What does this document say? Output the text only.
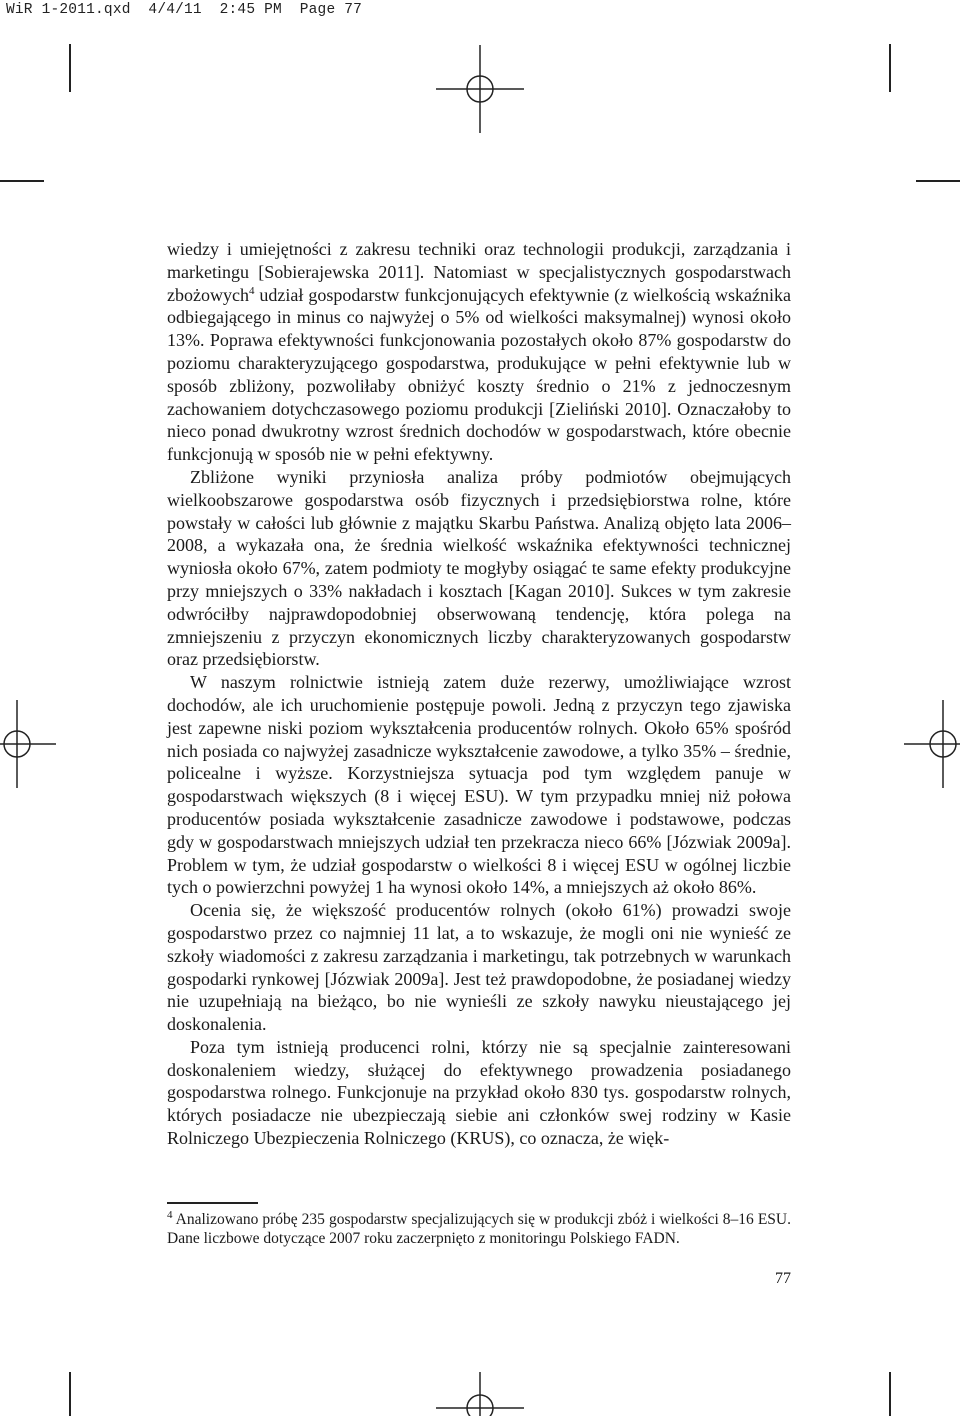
WiR 1-2011.qxd  4/4/11  2:45 PM  Page 77

wiedzy i umiejętności z zakresu techniki oraz technologii produkcji, zarządzania i marketingu [Sobierajewska 2011]. Natomiast w specjalistycznych gospodarstwach zbożowych$^4$ udział gospodarstw funkcjonujących efektywnie (z wielkością wskaźnika odbiegającego in minus co najwyżej o 5% od wielkości maksymalnej) wynosi około 13%. Poprawa efektywności funkcjonowania pozostałych około 87% gospodarstw do poziomu charakteryzującego gospodarstwa, produkujące w pełni efektywnie lub w sposób zbliżony, pozwoliłaby obniżyć koszty średnio o 21% z jednoczesnym zachowaniem dotychczasowego poziomu produkcji [Zieliński 2010]. Oznaczałoby to nieco ponad dwukrotny wzrost średnich dochodów w gospodarstwach, które obecnie funkcjonują w sposób nie w pełni efektywny.

Zbliżone wyniki przyniosła analiza próby podmiotów obejmujących wielkoobszarowe gospodarstwa osób fizycznych i przedsiębiorstwa rolne, które powstały w całości lub głównie z majątku Skarbu Państwa. Analizą objęto lata 2006–2008, a wykazała ona, że średnia wielkość wskaźnika efektywności technicznej wyniosła około 67%, zatem podmioty te mogłyby osiągać te same efekty produkcyjne przy mniejszych o 33% nakładach i kosztach [Kagan 2010]. Sukces w tym zakresie odwróciłby najprawdopodobniej obserwowaną tendencję, która polega na zmniejszeniu z przyczyn ekonomicznych liczby charakteryzowanych gospodarstw oraz przedsiębiorstw.

W naszym rolnictwie istnieją zatem duże rezerwy, umożliwiające wzrost dochodów, ale ich uruchomienie postępuje powoli. Jedną z przyczyn tego zjawiska jest zapewne niski poziom wykształcenia producentów rolnych. Około 65% spośród nich posiada co najwyżej zasadnicze wykształcenie zawodowe, a tylko 35% – średnie, policealne i wyższe. Korzystniejsza sytuacja pod tym względem panuje w gospodarstwach większych (8 i więcej ESU). W tym przypadku mniej niż połowa producentów posiada wykształcenie zasadnicze zawodowe i podstawowe, podczas gdy w gospodarstwach mniejszych udział ten przekracza nieco 66% [Józwiak 2009a]. Problem w tym, że udział gospodarstw o wielkości 8 i więcej ESU w ogólnej liczbie tych o powierzchni powyżej 1 ha wynosi około 14%, a mniejszych aż około 86%.

Ocenia się, że większość producentów rolnych (około 61%) prowadzi swoje gospodarstwo przez co najmniej 11 lat, a to wskazuje, że mogli oni nie wynieść ze szkoły wiadomości z zakresu zarządzania i marketingu, tak potrzebnych w warunkach gospodarki rynkowej [Józwiak 2009a]. Jest też prawdopodobne, że posiadanej wiedzy nie uzupełniają na bieżąco, bo nie wynieśli ze szkoły nawyku nieustającego jej doskonalenia.

Poza tym istnieją producenci rolni, którzy nie są specjalnie zainteresowani doskonaleniem wiedzy, służącej do efektywnego prowadzenia posiadanego gospodarstwa rolnego. Funkcjonuje na przykład około 830 tys. gospodarstw rolnych, których posiadacze nie ubezpieczają siebie ani członków swej rodziny w Kasie Rolniczego Ubezpieczenia Rolniczego (KRUS), co oznacza, że więk-

$^4$ Analizowano próbę 235 gospodarstw specjalizujących się w produkcji zbóż i wielkości 8–16 ESU. Dane liczbowe dotyczące 2007 roku zaczerpnięto z monitoringu Polskiego FADN.
77
